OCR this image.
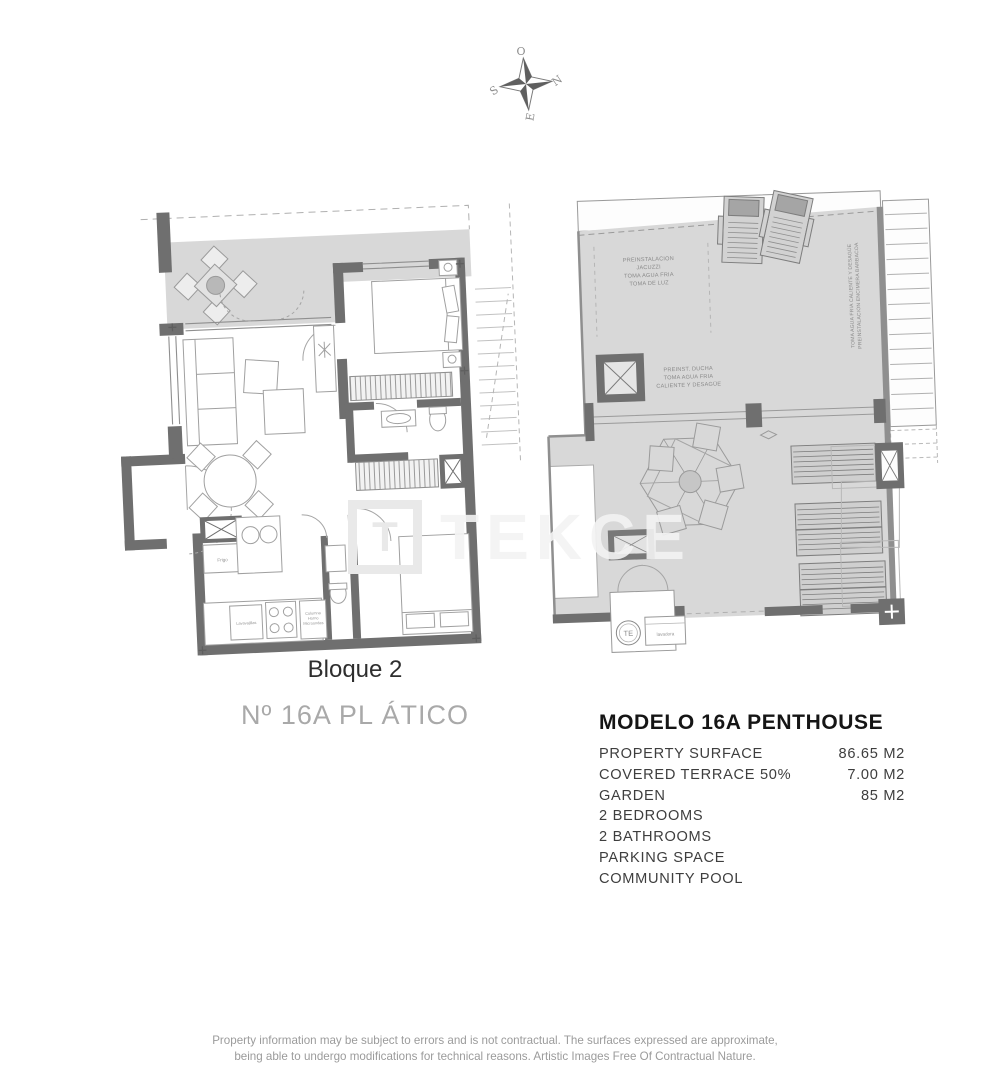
O
N
S
E
Frigo
Lavavajillas
Columna
Horno
Microondas
PREINSTALACION
JACUZZI
TOMA AGUA FRIA
TOMA DE LUZ
PREINST. DUCHA
TOMA AGUA FRIA
CALIENTE Y DESAGÜE
TOMA AGUA FRIA CALIENTE Y DESAGÜE
PREINSTALACION ENCIMERA BARBACOA
TE	lavadora
T TEKCE
Bloque 2
Nº 16A PL ÁTICO	MODELO 16A PENTHOUSE
PROPERTY SURFACE	86.65 M2
COVERED TERRACE 50%	7.00 M2
GARDEN	85 M2
2 BEDROOMS
2 BATHROOMS
PARKING SPACE
COMMUNITY POOL
Property information may be subject to errors and is not contractual. The surfaces expressed are approximate,
being able to undergo modifications for technical reasons. Artistic Images Free Of Contractual Nature.
